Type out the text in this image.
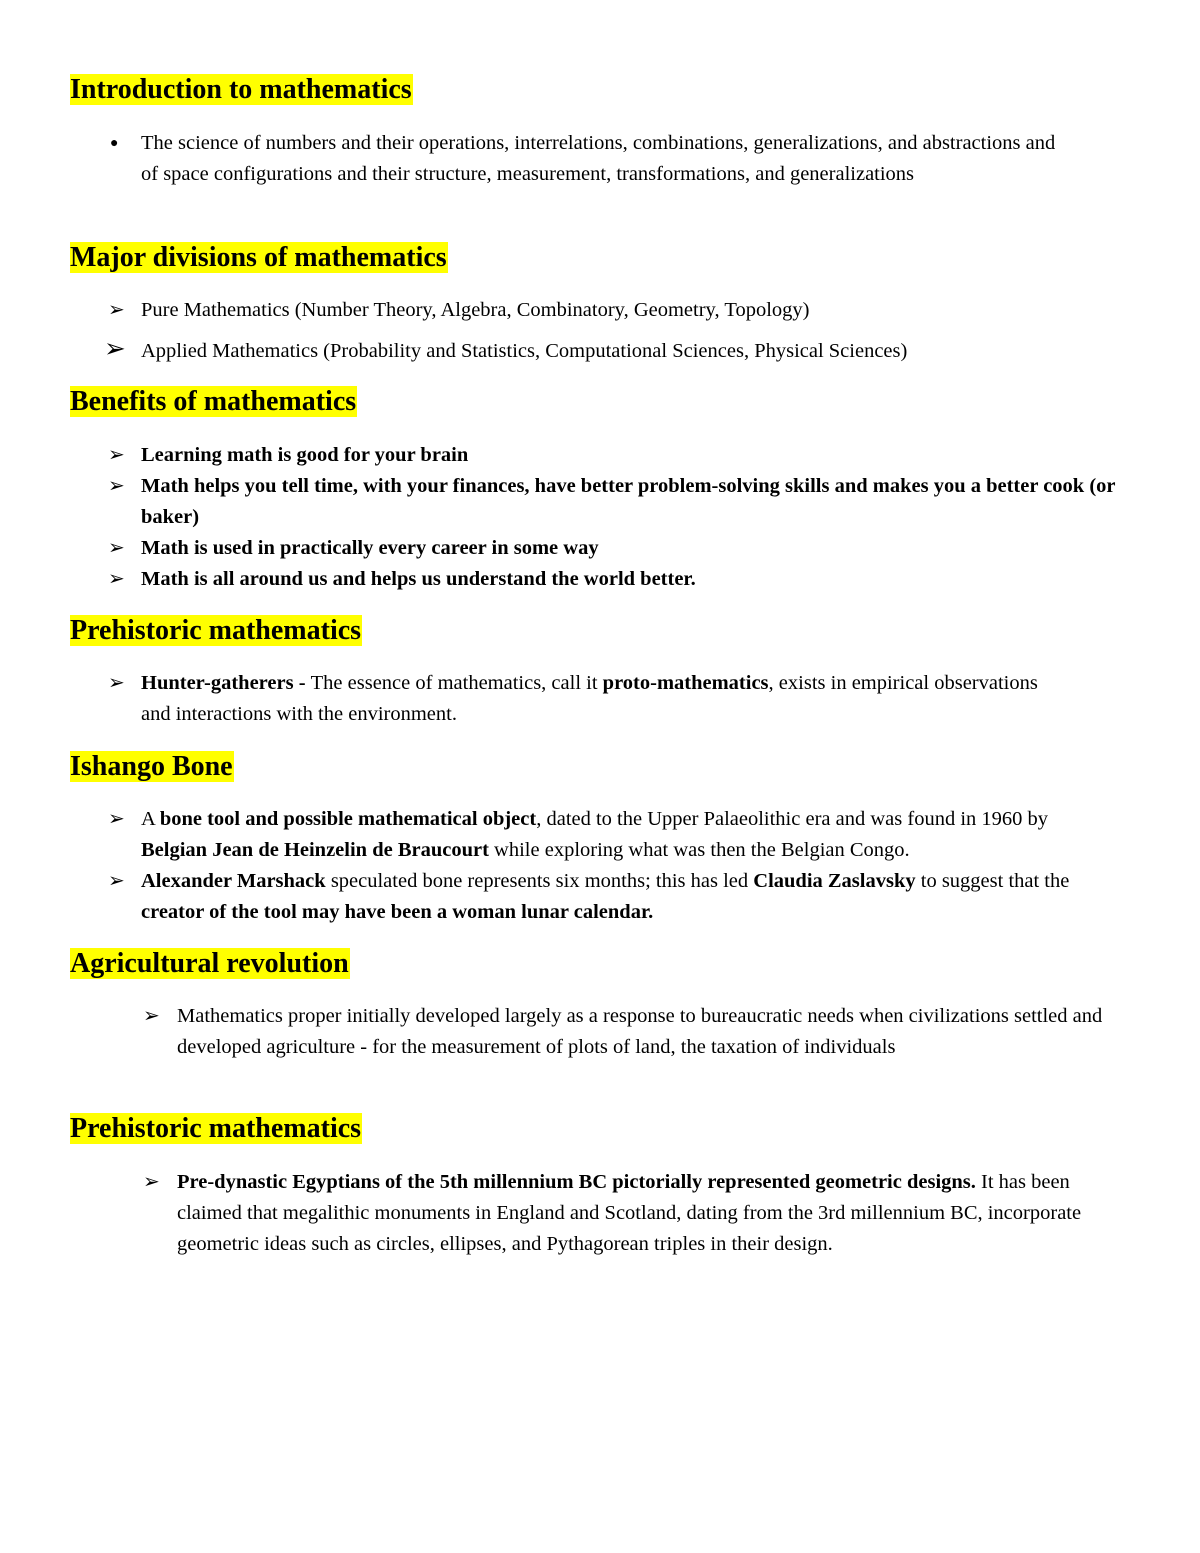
Introduction to mathematics
● The science of numbers and their operations, interrelations, combinations, generalizations, and abstractions and of space configurations and their structure, measurement, transformations, and generalizations
Major divisions of mathematics
➢ Pure Mathematics (Number Theory, Algebra, Combinatory, Geometry, Topology)
➢ Applied Mathematics (Probability and Statistics, Computational Sciences, Physical Sciences)
Benefits of mathematics
➢ Learning math is good for your brain
➢ Math helps you tell time, with your finances, have better problem-solving skills and makes you a better cook (or baker)
➢ Math is used in practically every career in some way
➢ Math is all around us and helps us understand the world better.
Prehistoric mathematics
➢ Hunter-gatherers - The essence of mathematics, call it proto-mathematics, exists in empirical observations and interactions with the environment.
Ishango Bone
➢ A bone tool and possible mathematical object, dated to the Upper Palaeolithic era and was found in 1960 by Belgian Jean de Heinzelin de Braucourt while exploring what was then the Belgian Congo.
➢ Alexander Marshack speculated bone represents six months; this has led Claudia Zaslavsky to suggest that the creator of the tool may have been a woman lunar calendar.
Agricultural revolution
➢ Mathematics proper initially developed largely as a response to bureaucratic needs when civilizations settled and developed agriculture - for the measurement of plots of land, the taxation of individuals
Prehistoric mathematics
➢ Pre-dynastic Egyptians of the 5th millennium BC pictorially represented geometric designs. It has been claimed that megalithic monuments in England and Scotland, dating from the 3rd millennium BC, incorporate geometric ideas such as circles, ellipses, and Pythagorean triples in their design.
